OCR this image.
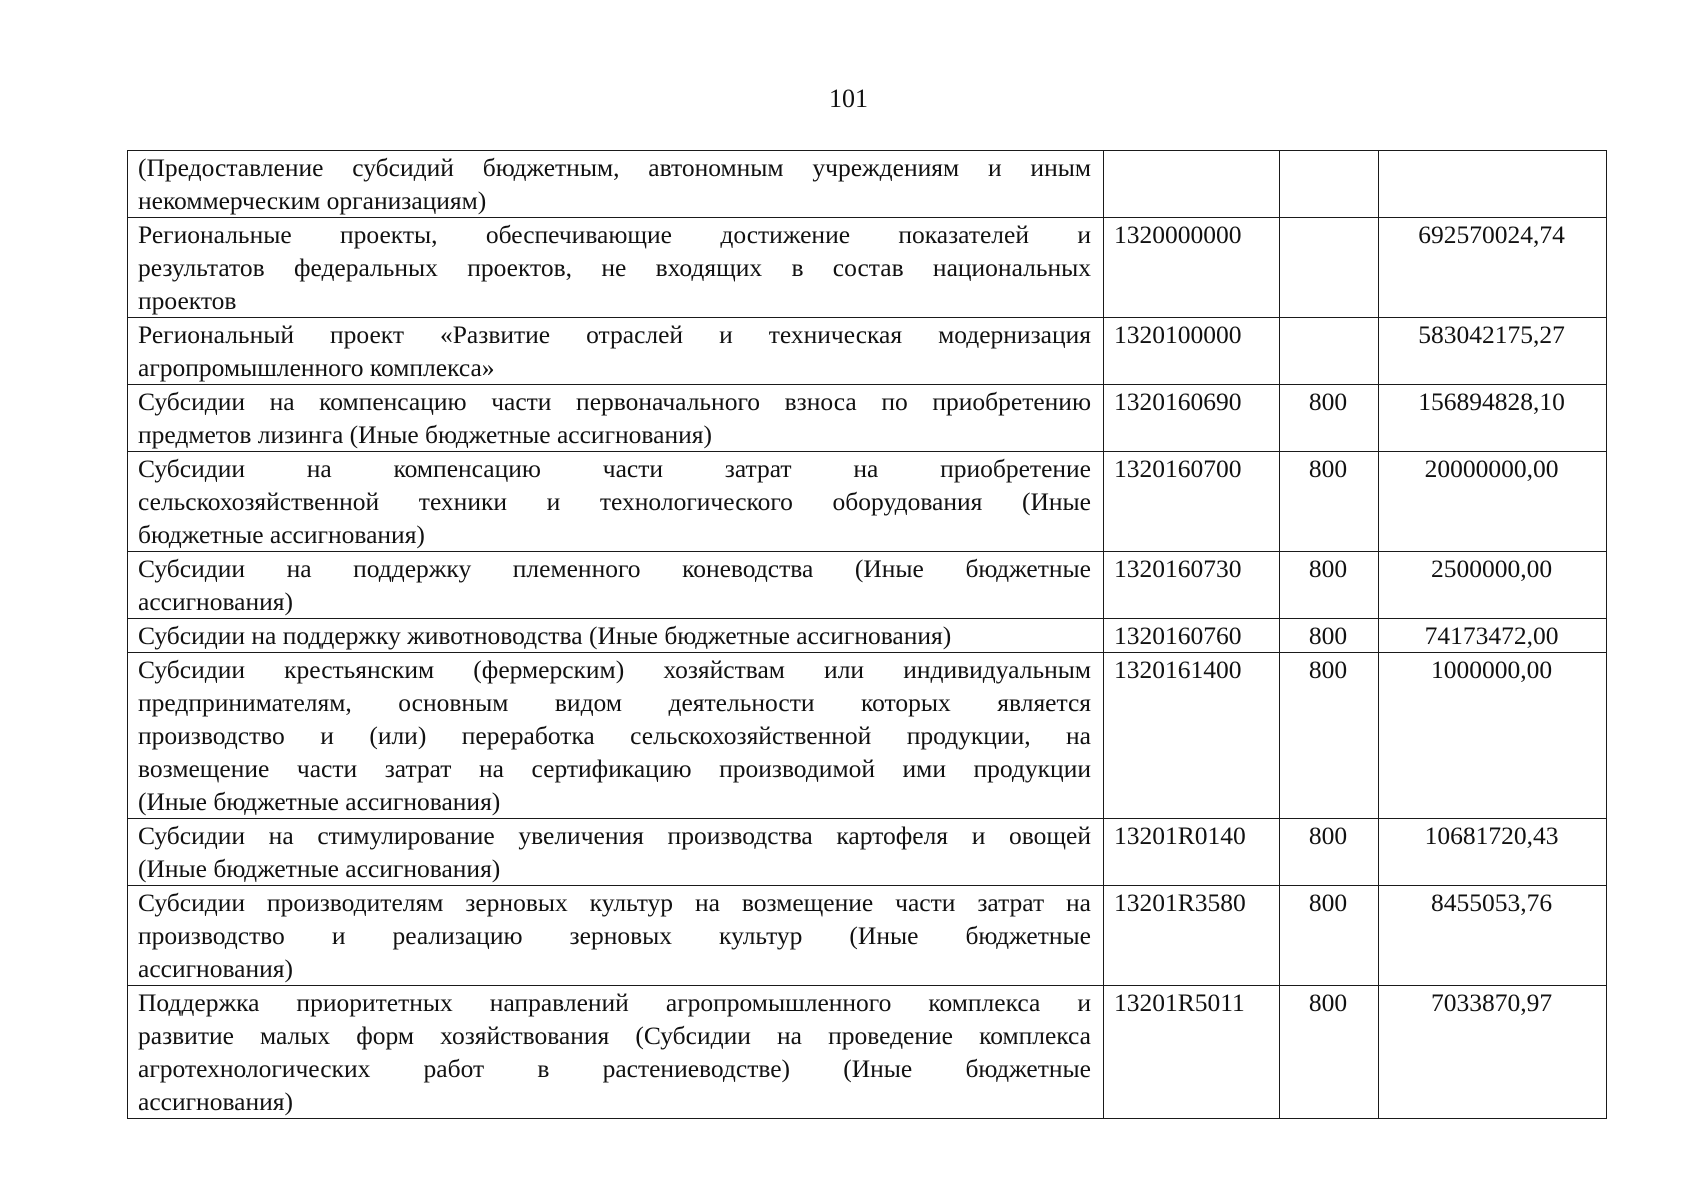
101
(Предоставление субсидий бюджетным, автономным учреждениям и иным
некоммерческим организациям)			

Региональные проекты, обеспечивающие достижение показателей и
результатов федеральных проектов, не входящих в состав национальных
проектов	1320000000		692570024,74

Региональный проект «Развитие отраслей и техническая модернизация
агропромышленного комплекса»	1320100000		583042175,27

Субсидии на компенсацию части первоначального взноса по приобретению
предметов лизинга (Иные бюджетные ассигнования)	1320160690	800	156894828,10

Субсидии на компенсацию части затрат на приобретение
сельскохозяйственной техники и технологического оборудования (Иные
бюджетные ассигнования)	1320160700	800	20000000,00

Субсидии на поддержку племенного коневодства (Иные бюджетные
ассигнования)	1320160730	800	2500000,00

Субсидии на поддержку животноводства (Иные бюджетные ассигнования)	1320160760	800	74173472,00

Субсидии крестьянским (фермерским) хозяйствам или индивидуальным
предпринимателям, основным видом деятельности которых является
производство и (или) переработка сельскохозяйственной продукции, на
возмещение части затрат на сертификацию производимой ими продукции
(Иные бюджетные ассигнования)	1320161400	800	1000000,00

Субсидии на стимулирование увеличения производства картофеля и овощей
(Иные бюджетные ассигнования)	13201R0140	800	10681720,43

Субсидии производителям зерновых культур на возмещение части затрат на
производство и реализацию зерновых культур (Иные бюджетные
ассигнования)	13201R3580	800	8455053,76

Поддержка приоритетных направлений агропромышленного комплекса и
развитие малых форм хозяйствования (Субсидии на проведение комплекса
агротехнологических работ в растениеводстве) (Иные бюджетные
ассигнования)	13201R5011	800	7033870,97
